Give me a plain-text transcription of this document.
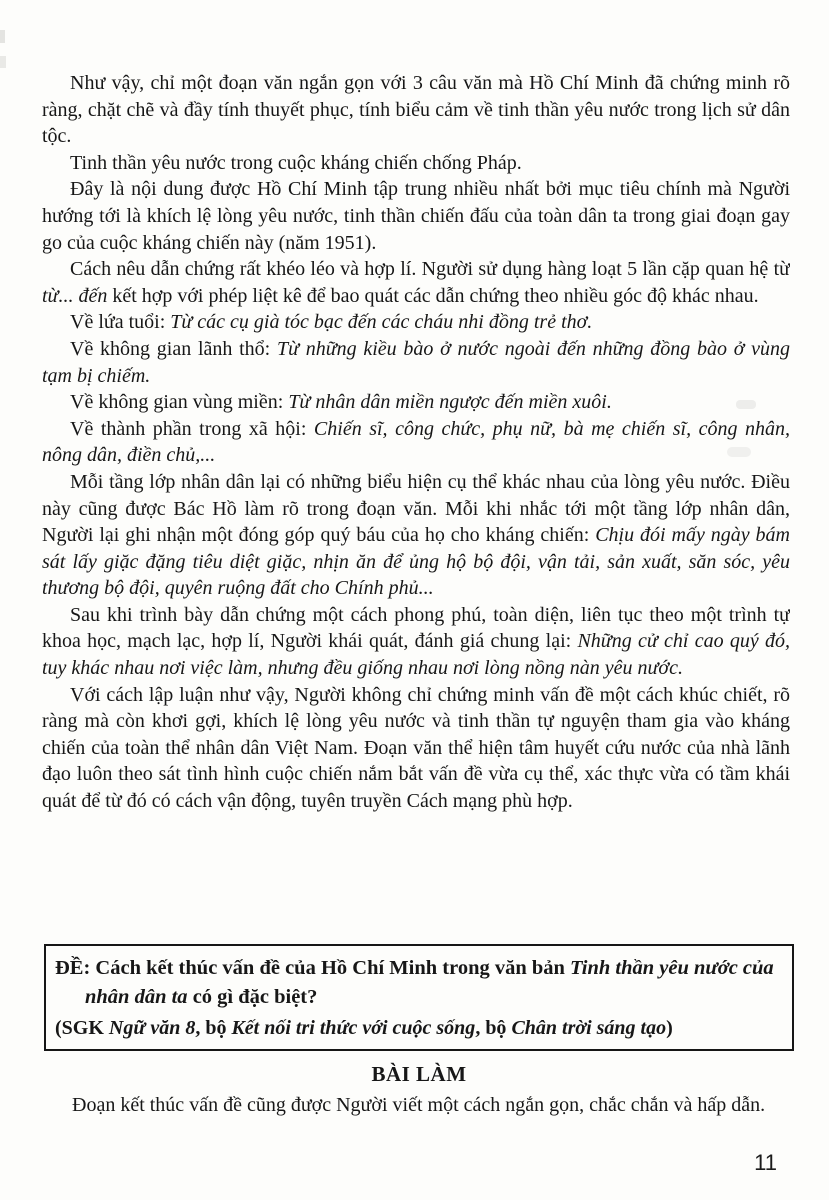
Như vậy, chỉ một đoạn văn ngắn gọn với 3 câu văn mà Hồ Chí Minh đã chứng minh rõ ràng, chặt chẽ và đầy tính thuyết phục, tính biểu cảm về tinh thần yêu nước trong lịch sử dân tộc.

Tinh thần yêu nước trong cuộc kháng chiến chống Pháp.

Đây là nội dung được Hồ Chí Minh tập trung nhiều nhất bởi mục tiêu chính mà Người hướng tới là khích lệ lòng yêu nước, tinh thần chiến đấu của toàn dân ta trong giai đoạn gay go của cuộc kháng chiến này (năm 1951).

Cách nêu dẫn chứng rất khéo léo và hợp lí. Người sử dụng hàng loạt 5 lần cặp quan hệ từ từ... đến kết hợp với phép liệt kê để bao quát các dẫn chứng theo nhiều góc độ khác nhau.

Về lứa tuổi: Từ các cụ già tóc bạc đến các cháu nhi đồng trẻ thơ.

Về không gian lãnh thổ: Từ những kiều bào ở nước ngoài đến những đồng bào ở vùng tạm bị chiếm.

Về không gian vùng miền: Từ nhân dân miền ngược đến miền xuôi.

Về thành phần trong xã hội: Chiến sĩ, công chức, phụ nữ, bà mẹ chiến sĩ, công nhân, nông dân, điền chủ,...

Mỗi tầng lớp nhân dân lại có những biểu hiện cụ thể khác nhau của lòng yêu nước. Điều này cũng được Bác Hồ làm rõ trong đoạn văn. Mỗi khi nhắc tới một tầng lớp nhân dân, Người lại ghi nhận một đóng góp quý báu của họ cho kháng chiến: Chịu đói mấy ngày bám sát lấy giặc đặng tiêu diệt giặc, nhịn ăn để ủng hộ bộ đội, vận tải, sản xuất, săn sóc, yêu thương bộ đội, quyên ruộng đất cho Chính phủ...

Sau khi trình bày dẫn chứng một cách phong phú, toàn diện, liên tục theo một trình tự khoa học, mạch lạc, hợp lí, Người khái quát, đánh giá chung lại: Những cử chỉ cao quý đó, tuy khác nhau nơi việc làm, nhưng đều giống nhau nơi lòng nồng nàn yêu nước.

Với cách lập luận như vậy, Người không chỉ chứng minh vấn đề một cách khúc chiết, rõ ràng mà còn khơi gợi, khích lệ lòng yêu nước và tinh thần tự nguyện tham gia vào kháng chiến của toàn thể nhân dân Việt Nam. Đoạn văn thể hiện tâm huyết cứu nước của nhà lãnh đạo luôn theo sát tình hình cuộc chiến nắm bắt vấn đề vừa cụ thể, xác thực vừa có tầm khái quát để từ đó có cách vận động, tuyên truyền Cách mạng phù hợp.

ĐỀ: Cách kết thúc vấn đề của Hồ Chí Minh trong văn bản Tinh thần yêu nước của nhân dân ta có gì đặc biệt?

(SGK Ngữ văn 8, bộ Kết nối tri thức với cuộc sống, bộ Chân trời sáng tạo)

BÀI LÀM

Đoạn kết thúc vấn đề cũng được Người viết một cách ngắn gọn, chắc chắn và hấp dẫn.

11
